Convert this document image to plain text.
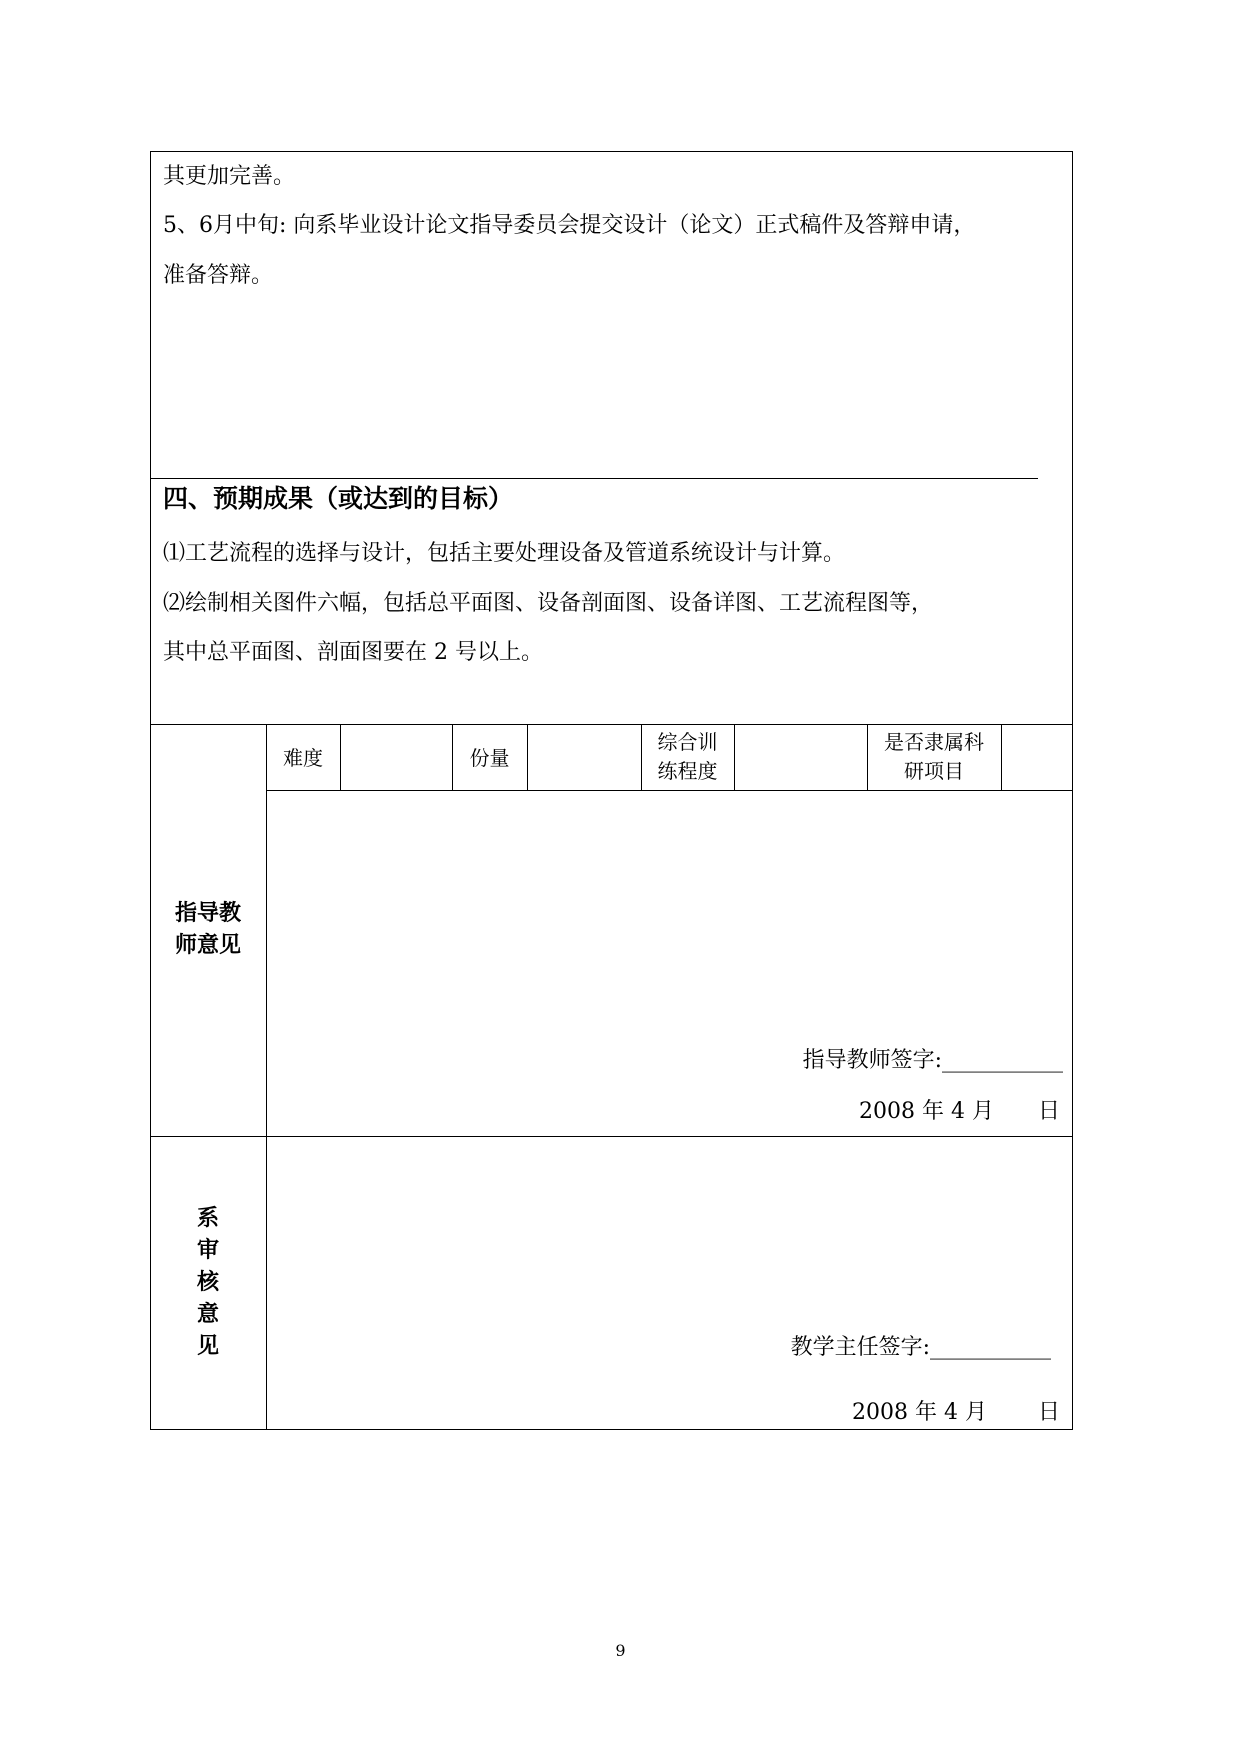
其更加完善。
5、6月中旬: 向系毕业设计论文指导委员会提交设计（论文）正式稿件及答辩申请，
准备答辩。
四、预期成果（或达到的目标）
⑴工艺流程的选择与设计，包括主要处理设备及管道系统设计与计算。
⑵绘制相关图件六幅，包括总平面图、设备剖面图、设备详图、工艺流程图等，
其中总平面图、剖面图要在 2 号以上。
难度	份量
综合训
练程度
是否隶属科
研项目
指导教
师意见
指导教师签字:___________
2008 年 4 月　　日
系
审
核
意
见	教学主任签字:___________
2008 年 4 月　　 日
9
